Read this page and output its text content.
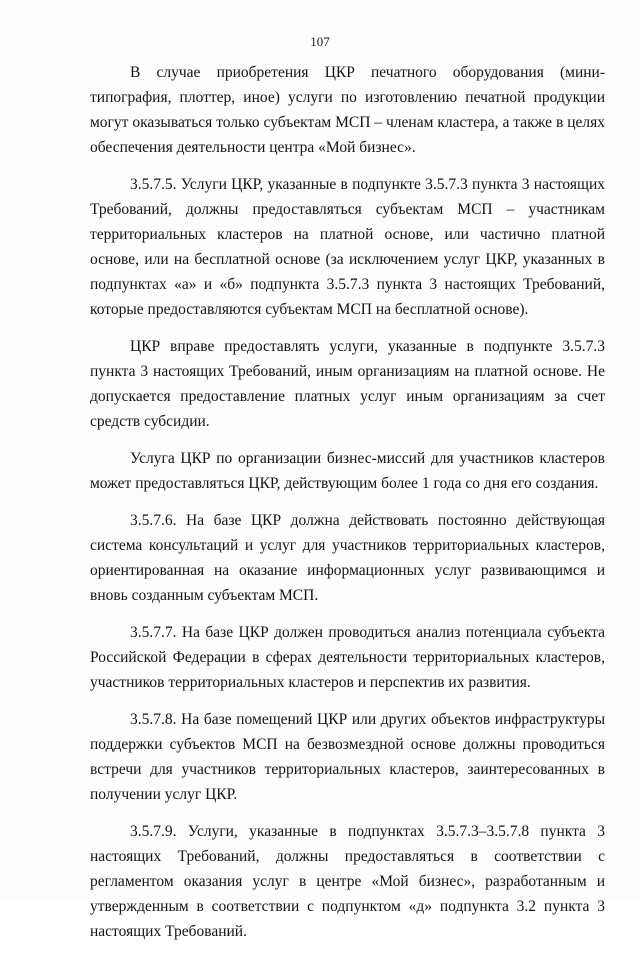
107

В случае приобретения ЦКР печатного оборудования (мини-типография, плоттер, иное) услуги по изготовлению печатной продукции могут оказываться только субъектам МСП – членам кластера, а также в целях обеспечения деятельности центра «Мой бизнес».

3.5.7.5. Услуги ЦКР, указанные в подпункте 3.5.7.3 пункта 3 настоящих Требований, должны предоставляться субъектам МСП – участникам территориальных кластеров на платной основе, или частично платной основе, или на бесплатной основе (за исключением услуг ЦКР, указанных в подпунктах «а» и «б» подпункта 3.5.7.3 пункта 3 настоящих Требований, которые предоставляются субъектам МСП на бесплатной основе).

ЦКР вправе предоставлять услуги, указанные в подпункте 3.5.7.3 пункта 3 настоящих Требований, иным организациям на платной основе. Не допускается предоставление платных услуг иным организациям за счет средств субсидии.

Услуга ЦКР по организации бизнес-миссий для участников кластеров может предоставляться ЦКР, действующим более 1 года со дня его создания.

3.5.7.6. На базе ЦКР должна действовать постоянно действующая система консультаций и услуг для участников территориальных кластеров, ориентированная на оказание информационных услуг развивающимся и вновь созданным субъектам МСП.

3.5.7.7. На базе ЦКР должен проводиться анализ потенциала субъекта Российской Федерации в сферах деятельности территориальных кластеров, участников территориальных кластеров и перспектив их развития.

3.5.7.8. На базе помещений ЦКР или других объектов инфраструктуры поддержки субъектов МСП на безвозмездной основе должны проводиться встречи для участников территориальных кластеров, заинтересованных в получении услуг ЦКР.

3.5.7.9. Услуги, указанные в подпунктах 3.5.7.3–3.5.7.8 пункта 3 настоящих Требований, должны предоставляться в соответствии с регламентом оказания услуг в центре «Мой бизнес», разработанным и утвержденным в соответствии с подпунктом «д» подпункта 3.2 пункта 3 настоящих Требований.
